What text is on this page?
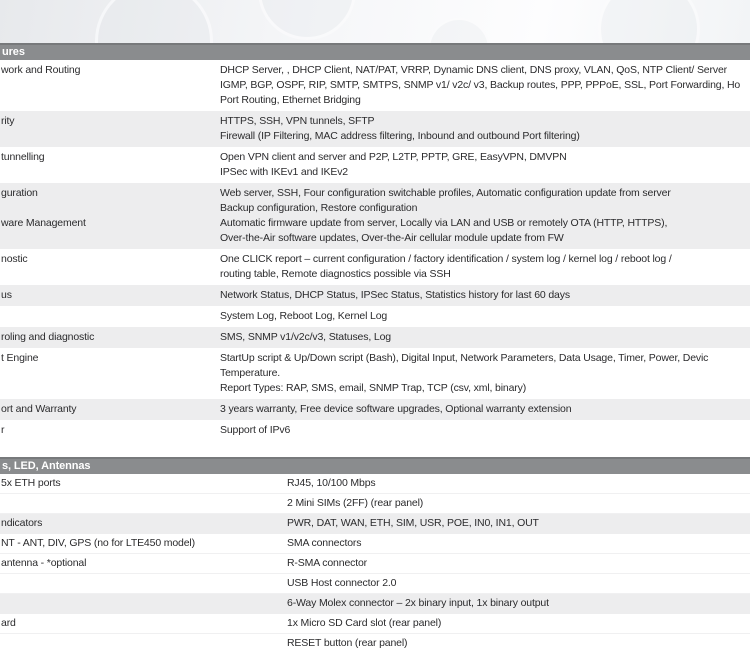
ures
work and Routing	DHCP Server, , DHCP Client, NAT/PAT, VRRP, Dynamic DNS client, DNS proxy, VLAN, QoS, NTP Client/ Server
IGMP, BGP, OSPF, RIP, SMTP, SMTPS, SNMP v1/ v2c/ v3, Backup routes, PPP, PPPoE, SSL, Port Forwarding, Ho
Port Routing, Ethernet Bridging
rity	HTTPS, SSH, VPN tunnels, SFTP
Firewall (IP Filtering, MAC address filtering, Inbound and outbound Port filtering)
tunnelling	Open VPN client and server and P2P, L2TP, PPTP, GRE, EasyVPN, DMVPN
IPSec with IKEv1 and IKEv2
guration	Web server, SSH, Four configuration switchable profiles, Automatic configuration update from server
Backup configuration, Restore configuration
ware Management	Automatic firmware update from server, Locally via LAN and USB or remotely OTA (HTTP, HTTPS),
Over-the-Air software updates, Over-the-Air cellular module update from FW
nostic	One CLICK report – current configuration / factory identification / system log / kernel log / reboot log /
routing table, Remote diagnostics possible via SSH
us	Network Status, DHCP Status, IPSec Status, Statistics history for last 60 days
System Log, Reboot Log, Kernel Log
roling and diagnostic	SMS, SNMP v1/v2c/v3, Statuses, Log
t Engine	StartUp script & Up/Down script (Bash), Digital Input, Network Parameters, Data Usage, Timer, Power, Devic
Temperature.
Report Types: RAP, SMS, email, SNMP Trap, TCP (csv, xml, binary)
ort and Warranty	3 years warranty, Free device software upgrades, Optional warranty extension
r	Support of IPv6
s, LED, Antennas
5x ETH ports	RJ45, 10/100 Mbps
2 Mini SIMs (2FF) (rear panel)
ndicators	PWR, DAT, WAN, ETH, SIM, USR, POE, IN0, IN1, OUT
NT - ANT, DIV, GPS (no for LTE450 model)	SMA connectors
antenna - *optional	R-SMA connector
USB Host connector 2.0
6-Way Molex connector – 2x binary input, 1x binary output
ard	1x Micro SD Card slot (rear panel)
RESET button (rear panel)
